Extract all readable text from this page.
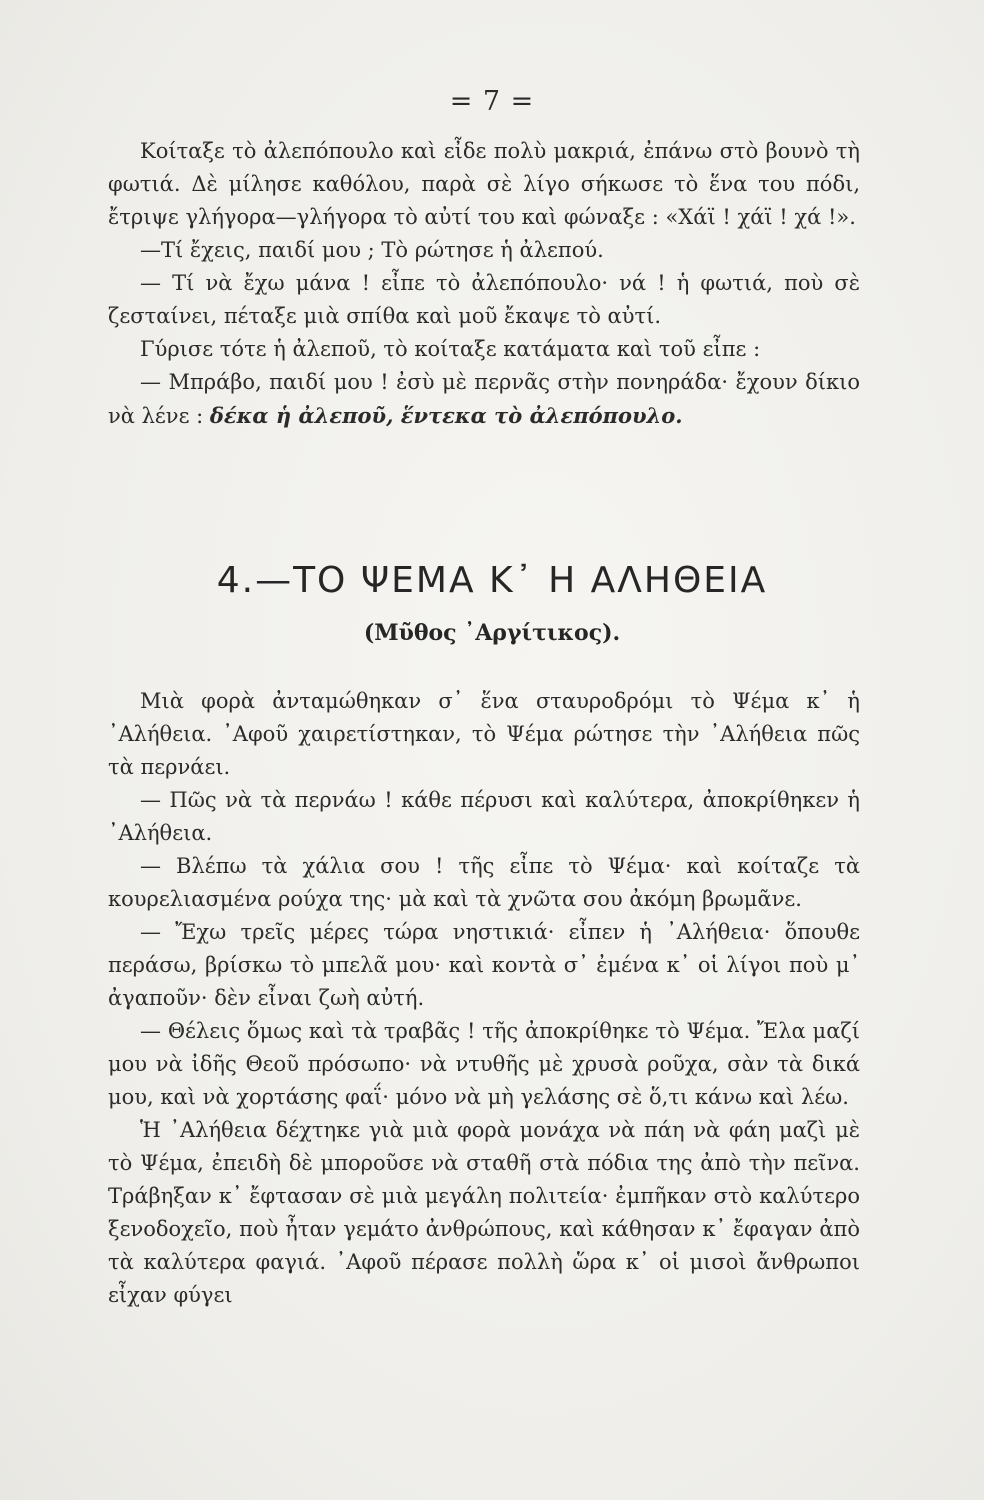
= 7 =

Κοίταξε τὸ ἀλεπόπουλο καὶ εἶδε πολὺ μακριά, ἐπάνω στὸ βουνὸ τὴ φωτιά. Δὲ μίλησε καθόλου, παρὰ σὲ λίγο σήκωσε τὸ ἕνα του πόδι, ἔτριψε γλήγορα—γλήγορα τὸ αὐτί του καὶ φώναξε : «Χάϊ ! χάϊ ! χά !».

—Τί ἔχεις, παιδί μου ; Τὸ ρώτησε ἡ ἀλεπού.

— Τί νὰ ἔχω μάνα ! εἶπε τὸ ἀλεπόπουλο· νά ! ἡ φωτιά, ποὺ σὲ ζεσταίνει, πέταξε μιὰ σπίθα καὶ μοῦ ἔκαψε τὸ αὐτί.

Γύρισε τότε ἡ ἀλεποῦ, τὸ κοίταξε κατάματα καὶ τοῦ εἶπε :

— Μπράβο, παιδί μου ! ἐσὺ μὲ περνᾶς στὴν πονηράδα· ἔχουν δίκιο νὰ λένε : δέκα ἡ ἀλεποῦ, ἕντεκα τὸ ἀλεπόπουλο.

4.—ΤΟ ΨΕΜΑ Κ᾽ Η ΑΛΗΘΕΙΑ
(Μῦθος ᾽Αργίτικος).

Μιὰ φορὰ ἀνταμώθηκαν σ᾽ ἕνα σταυροδρόμι τὸ Ψέμα κ᾽ ἡ ᾽Αλήθεια. ᾽Αφοῦ χαιρετίστηκαν, τὸ Ψέμα ρώτησε τὴν ᾽Αλήθεια πῶς τὰ περνάει.

— Πῶς νὰ τὰ περνάω ! κάθε πέρυσι καὶ καλύτερα, ἀποκρίθηκεν ἡ ᾽Αλήθεια.

— Βλέπω τὰ χάλια σου ! τῆς εἶπε τὸ Ψέμα· καὶ κοίταζε τὰ κουρελιασμένα ρούχα της· μὰ καὶ τὰ χνῶτα σου ἀκόμη βρωμᾶνε.

— Ἔχω τρεῖς μέρες τώρα νηστικιά· εἶπεν ἡ ᾽Αλήθεια· ὅπουθε περάσω, βρίσκω τὸ μπελᾶ μου· καὶ κοντὰ σ᾽ ἐμένα κ᾽ οἱ λίγοι ποὺ μ᾽ ἀγαποῦν· δὲν εἶναι ζωὴ αὐτή.

— Θέλεις ὅμως καὶ τὰ τραβᾶς ! τῆς ἀποκρίθηκε τὸ Ψέμα. Ἔλα μαζί μου νὰ ἰδῆς Θεοῦ πρόσωπο· νὰ ντυθῆς μὲ χρυσὰ ροῦχα, σὰν τὰ δικά μου, καὶ νὰ χορτάσης φαΐ· μόνο νὰ μὴ γελάσης σὲ ὅ,τι κάνω καὶ λέω.

Ἡ ᾽Αλήθεια δέχτηκε γιὰ μιὰ φορὰ μονάχα νὰ πάη νὰ φάη μαζὶ μὲ τὸ Ψέμα, ἐπειδὴ δὲ μποροῦσε νὰ σταθῆ στὰ πόδια της ἀπὸ τὴν πεῖνα. Τράβηξαν κ᾽ ἔφτασαν σὲ μιὰ μεγάλη πολιτεία· ἐμπῆκαν στὸ καλύτερο ξενοδοχεῖο, ποὺ ἦταν γεμάτο ἀνθρώπους, καὶ κάθησαν κ᾽ ἔφαγαν ἀπὸ τὰ καλύτερα φαγιά. ᾽Αφοῦ πέρασε πολλὴ ὥρα κ᾽ οἱ μισοὶ ἄνθρωποι εἶχαν φύγει
